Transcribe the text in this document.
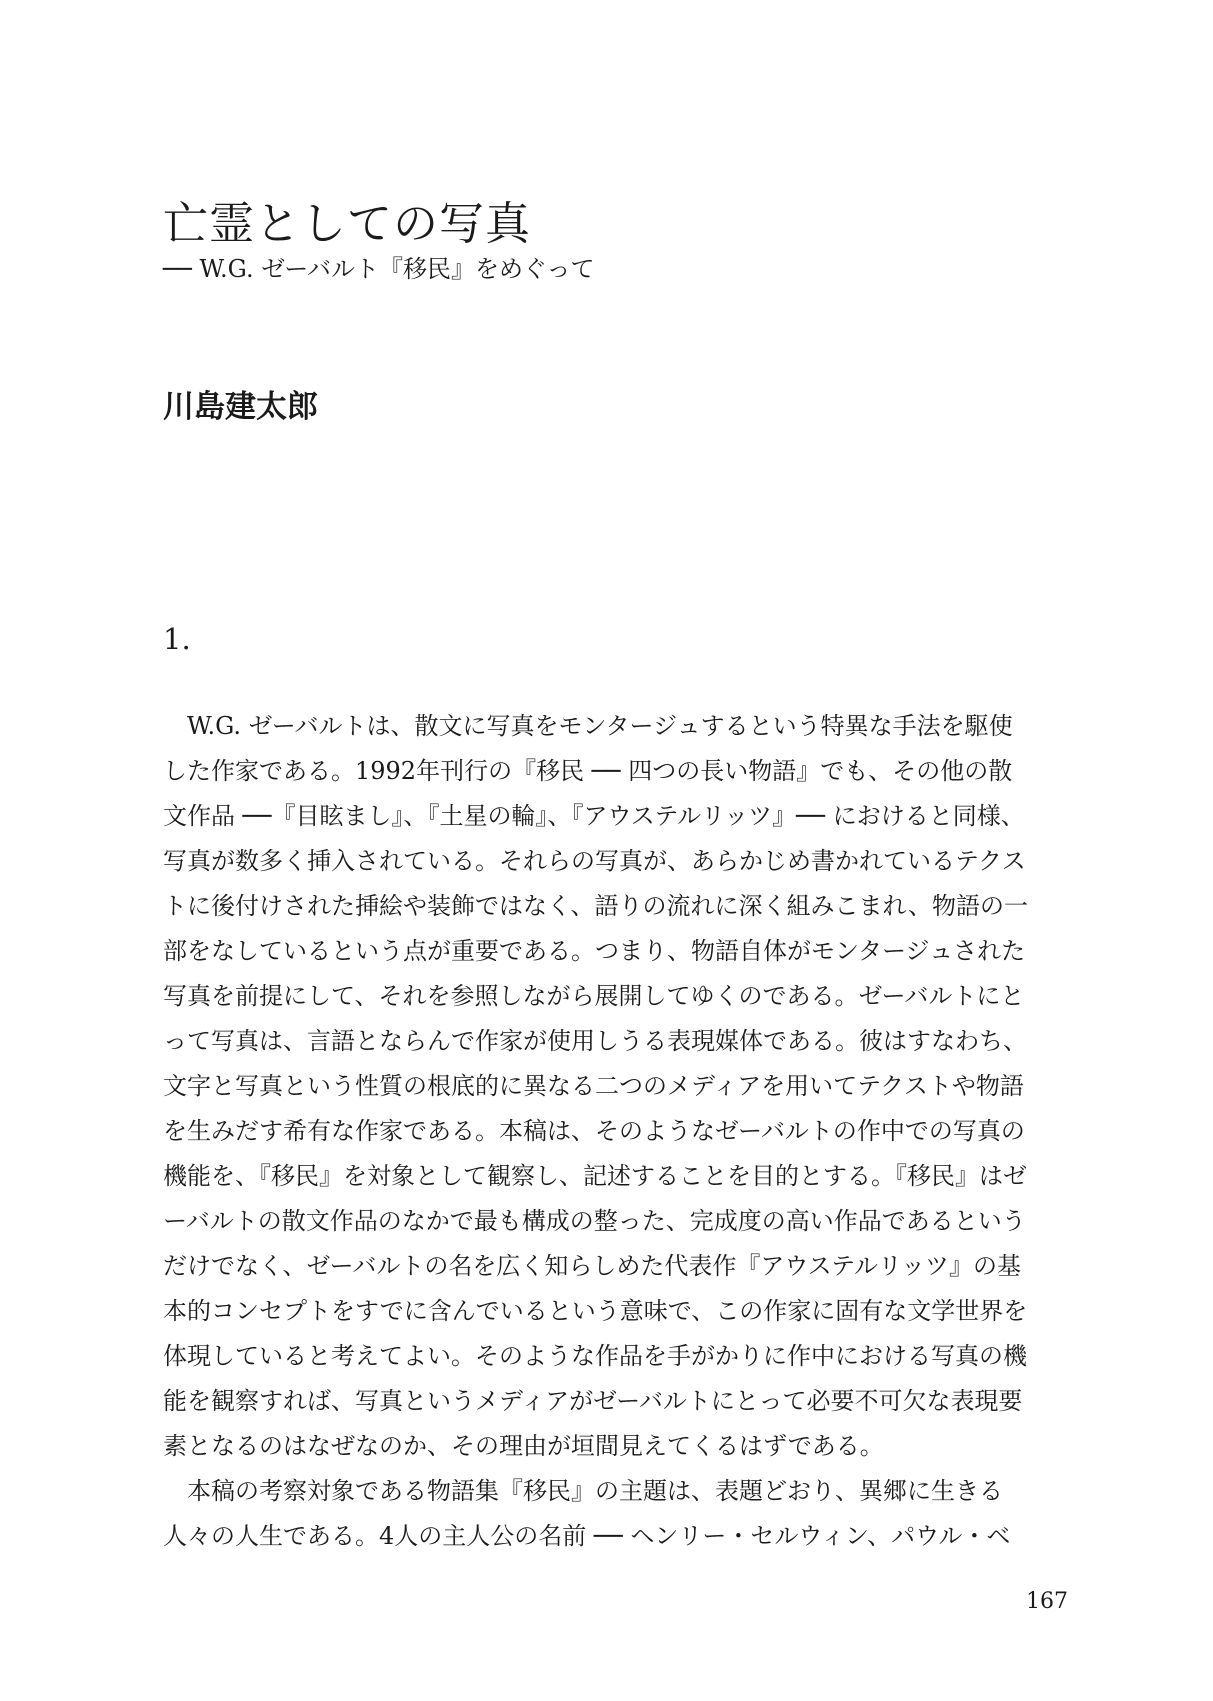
亡霊としての写真
── W.G. ゼーバルト『移民』をめぐって
川島建太郎
1.
W.G. ゼーバルトは、散文に写真をモンタージュするという特異な手法を駆使
した作家である。1992年刊行の『移民 ── 四つの長い物語』でも、その他の散
文作品 ──『目眩まし』、『土星の輪』、『アウステルリッツ』── におけると同様、
写真が数多く挿入されている。それらの写真が、あらかじめ書かれているテクス
トに後付けされた挿絵や装飾ではなく、語りの流れに深く組みこまれ、物語の一
部をなしているという点が重要である。つまり、物語自体がモンタージュされた
写真を前提にして、それを参照しながら展開してゆくのである。ゼーバルトにと
って写真は、言語とならんで作家が使用しうる表現媒体である。彼はすなわち、
文字と写真という性質の根底的に異なる二つのメディアを用いてテクストや物語
を生みだす希有な作家である。本稿は、そのようなゼーバルトの作中での写真の
機能を、『移民』を対象として観察し、記述することを目的とする。『移民』はゼ
ーバルトの散文作品のなかで最も構成の整った、完成度の高い作品であるという
だけでなく、ゼーバルトの名を広く知らしめた代表作『アウステルリッツ』の基
本的コンセプトをすでに含んでいるという意味で、この作家に固有な文学世界を
体現していると考えてよい。そのような作品を手がかりに作中における写真の機
能を観察すれば、写真というメディアがゼーバルトにとって必要不可欠な表現要
素となるのはなぜなのか、その理由が垣間見えてくるはずである。
本稿の考察対象である物語集『移民』の主題は、表題どおり、異郷に生きる
人々の人生である。4人の主人公の名前 ── ヘンリー・セルウィン、パウル・ベ
167
